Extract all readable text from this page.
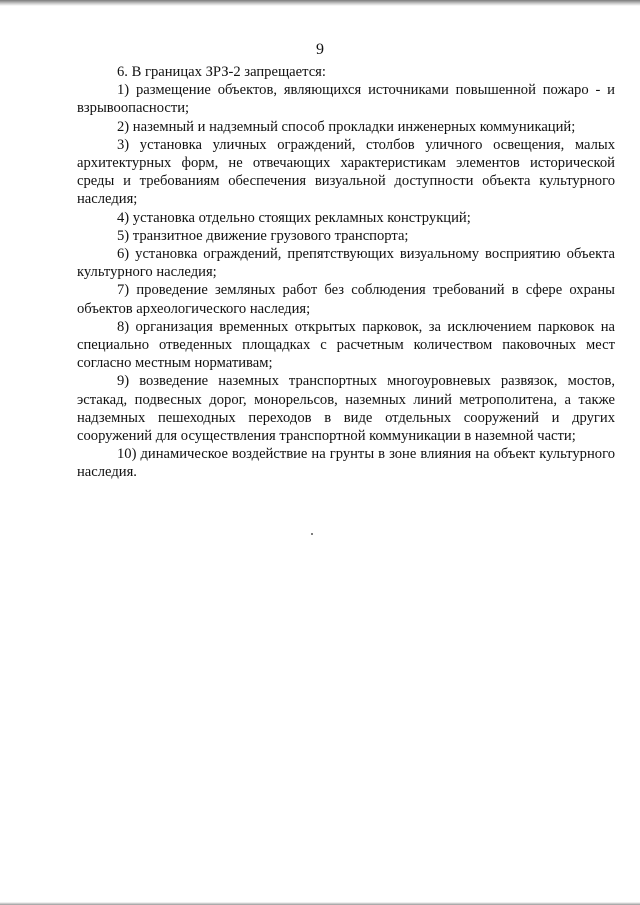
9

6. В границах ЗРЗ-2 запрещается:

1) размещение объектов, являющихся источниками повышенной пожаро - и взрывоопасности;

2) наземный и надземный способ прокладки инженерных коммуникаций;

3) установка уличных ограждений, столбов уличного освещения, малых архитектурных форм, не отвечающих характеристикам элементов исторической среды и требованиям обеспечения визуальной доступности объекта культурного наследия;

4) установка отдельно стоящих рекламных конструкций;

5) транзитное движение грузового транспорта;

6) установка ограждений, препятствующих визуальному восприятию объекта культурного наследия;

7) проведение земляных работ без соблюдения требований в сфере охраны объектов археологического наследия;

8) организация временных открытых парковок, за исключением парковок на специально отведенных площадках с расчетным количеством паковочных мест согласно местным нормативам;

9) возведение наземных транспортных многоуровневых развязок, мостов, эстакад, подвесных дорог, монорельсов, наземных линий метрополитена, а также надземных пешеходных переходов в виде отдельных сооружений и других сооружений для осуществления транспортной коммуникации в наземной части;

10) динамическое воздействие на грунты в зоне влияния на объект культурного наследия.
